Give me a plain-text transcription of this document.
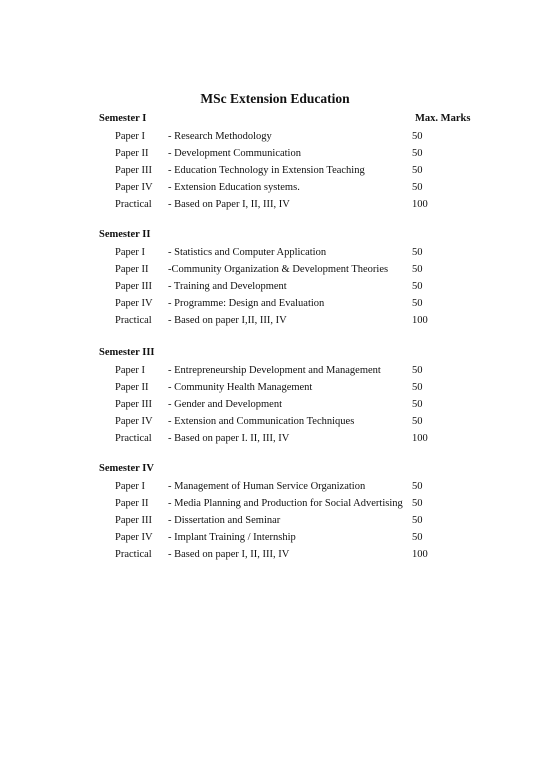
MSc Extension Education
Semester I	Max. Marks
Paper I - Research Methodology	50
Paper II - Development Communication	50
Paper III - Education Technology in Extension Teaching	50
Paper IV - Extension Education systems.	50
Practical - Based on Paper I, II, III, IV	100
Semester II
Paper I - Statistics and Computer Application	50
Paper II -Community Organization & Development Theories 50
Paper III - Training and Development	50
Paper IV - Programme: Design and Evaluation	50
Practical - Based on paper I,II, III, IV	100
Semester III
Paper I - Entrepreneurship Development and Management	50
Paper II - Community Health Management	50
Paper III - Gender and Development	50
Paper IV - Extension and Communication Techniques	50
Practical - Based on paper I. II, III, IV	100
Semester IV
Paper I - Management of Human Service Organization	50
Paper II - Media Planning and Production for Social Advertising 50
Paper III - Dissertation and Seminar	50
Paper IV - Implant Training / Internship	50
Practical - Based on paper I, II, III, IV	100
